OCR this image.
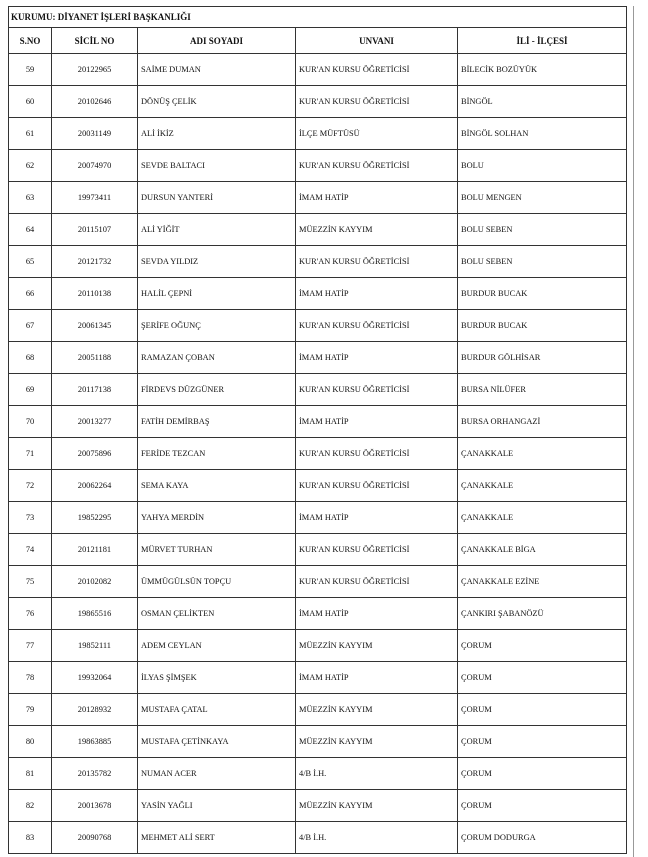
KURUMU: DİYANET İŞLERİ BAŞKANLIĞI				
S.NO	SİCİL NO	ADI SOYADI	UNVANI	İLİ - İLÇESİ
59	20122965	SAİME DUMAN	KUR'AN KURSU ÖĞRETİCİSİ	BİLECİK BOZÜYÜK
60	20102646	DÖNÜŞ ÇELİK	KUR'AN KURSU ÖĞRETİCİSİ	BİNGÖL
61	20031149	ALİ İKİZ	İLÇE MÜFTÜSÜ	BİNGÖL SOLHAN
62	20074970	SEVDE BALTACI	KUR'AN KURSU ÖĞRETİCİSİ	BOLU
63	19973411	DURSUN YANTERİ	İMAM HATİP	BOLU MENGEN
64	20115107	ALİ YİĞİT	MÜEZZİN KAYYIM	BOLU SEBEN
65	20121732	SEVDA YILDIZ	KUR'AN KURSU ÖĞRETİCİSİ	BOLU SEBEN
66	20110138	HALİL ÇEPNİ	İMAM HATİP	BURDUR BUCAK
67	20061345	ŞERİFE OĞUNÇ	KUR'AN KURSU ÖĞRETİCİSİ	BURDUR BUCAK
68	20051188	RAMAZAN ÇOBAN	İMAM HATİP	BURDUR GÖLHİSAR
69	20117138	FİRDEVS DÜZGÜNER	KUR'AN KURSU ÖĞRETİCİSİ	BURSA NİLÜFER
70	20013277	FATİH DEMİRBAŞ	İMAM HATİP	BURSA ORHANGAZİ
71	20075896	FERİDE TEZCAN	KUR'AN KURSU ÖĞRETİCİSİ	ÇANAKKALE
72	20062264	SEMA KAYA	KUR'AN KURSU ÖĞRETİCİSİ	ÇANAKKALE
73	19852295	YAHYA MERDİN	İMAM HATİP	ÇANAKKALE
74	20121181	MÜRVET TURHAN	KUR'AN KURSU ÖĞRETİCİSİ	ÇANAKKALE BİGA
75	20102082	ÜMMÜGÜLSÜN TOPÇU	KUR'AN KURSU ÖĞRETİCİSİ	ÇANAKKALE EZİNE
76	19865516	OSMAN ÇELİKTEN	İMAM HATİP	ÇANKIRI ŞABANÖZÜ
77	19852111	ADEM CEYLAN	MÜEZZİN KAYYIM	ÇORUM
78	19932064	İLYAS ŞİMŞEK	İMAM HATİP	ÇORUM
79	20128932	MUSTAFA ÇATAL	MÜEZZİN KAYYIM	ÇORUM
80	19863885	MUSTAFA ÇETİNKAYA	MÜEZZİN KAYYIM	ÇORUM
81	20135782	NUMAN ACER	4/B İ.H.	ÇORUM
82	20013678	YASİN YAĞLI	MÜEZZİN KAYYIM	ÇORUM
83	20090768	MEHMET ALİ SERT	4/B İ.H.	ÇORUM DODURGA
